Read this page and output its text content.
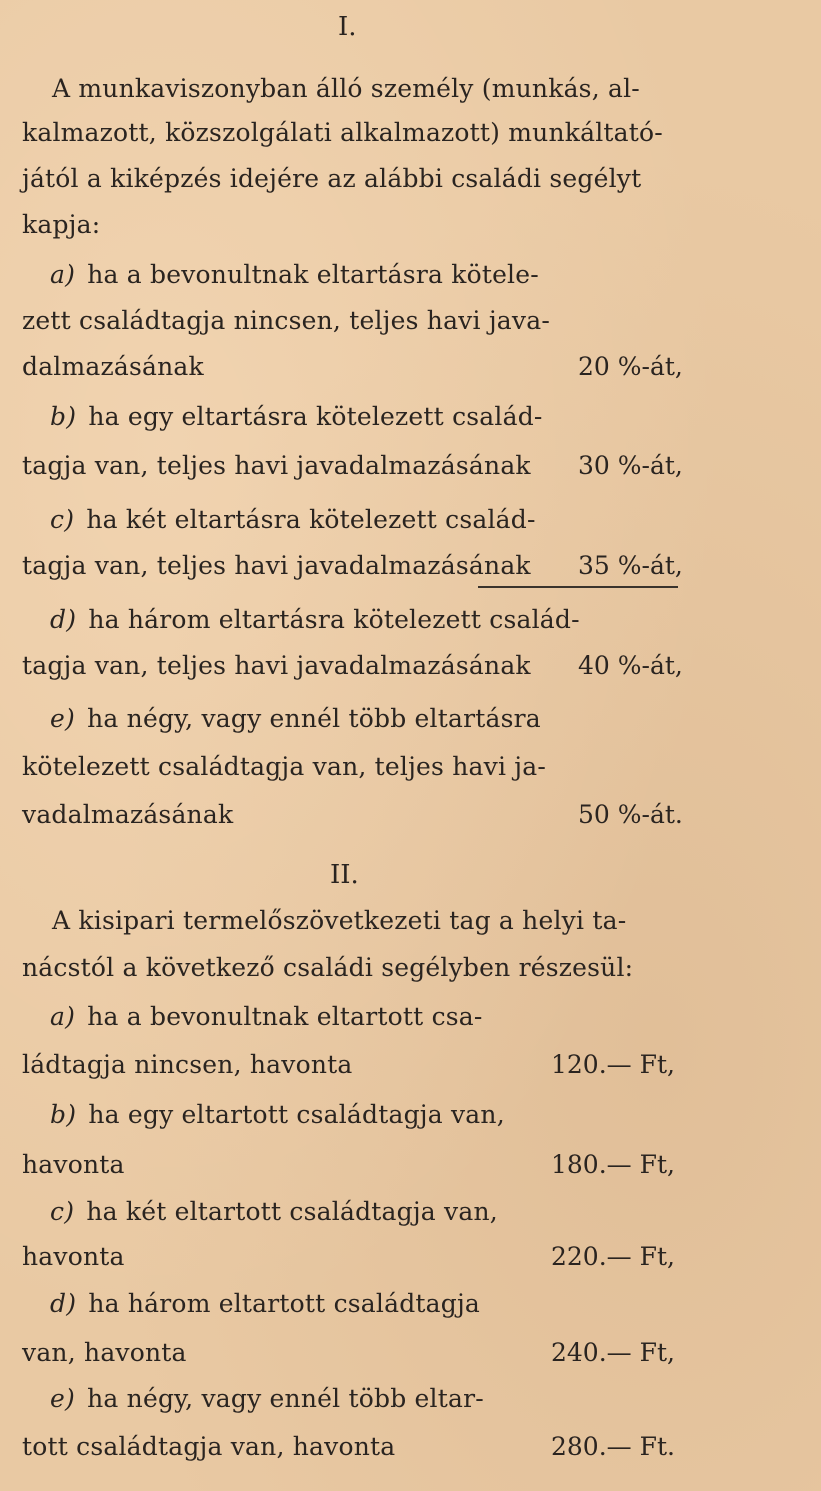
I.
A munkaviszonyban álló személy (munkás, al-
kalmazott, közszolgálati alkalmazott) munkáltató-
jától a kiképzés idejére az alábbi családi segélyt
kapja:
a) ha a bevonultnak eltartásra kötele-
zett családtagja nincsen, teljes havi java-
dalmazásának	20 %-át,
b) ha egy eltartásra kötelezett család-
tagja van, teljes havi javadalmazásának 30 %-át,
c) ha két eltartásra kötelezett család-
tagja van, teljes havi javadalmazásának 35 %-át,
d) ha három eltartásra kötelezett család-
tagja van, teljes havi javadalmazásának 40 %-át,
e) ha négy, vagy ennél több eltartásra
kötelezett családtagja van, teljes havi ja-
vadalmazásának	50 %-át.
II.
A kisipari termelőszövetkezeti tag a helyi ta-
nácstól a következő családi segélyben részesül:
a) ha a bevonultnak eltartott csa-
ládtagja nincsen, havonta	120.— Ft,
b) ha egy eltartott családtagja van,
havonta	180.— Ft,
c) ha két eltartott családtagja van,
havonta	220.— Ft,
d) ha három eltartott családtagja
van, havonta	240.— Ft,
e) ha négy, vagy ennél több eltar-
tott családtagja van, havonta	280.— Ft.
